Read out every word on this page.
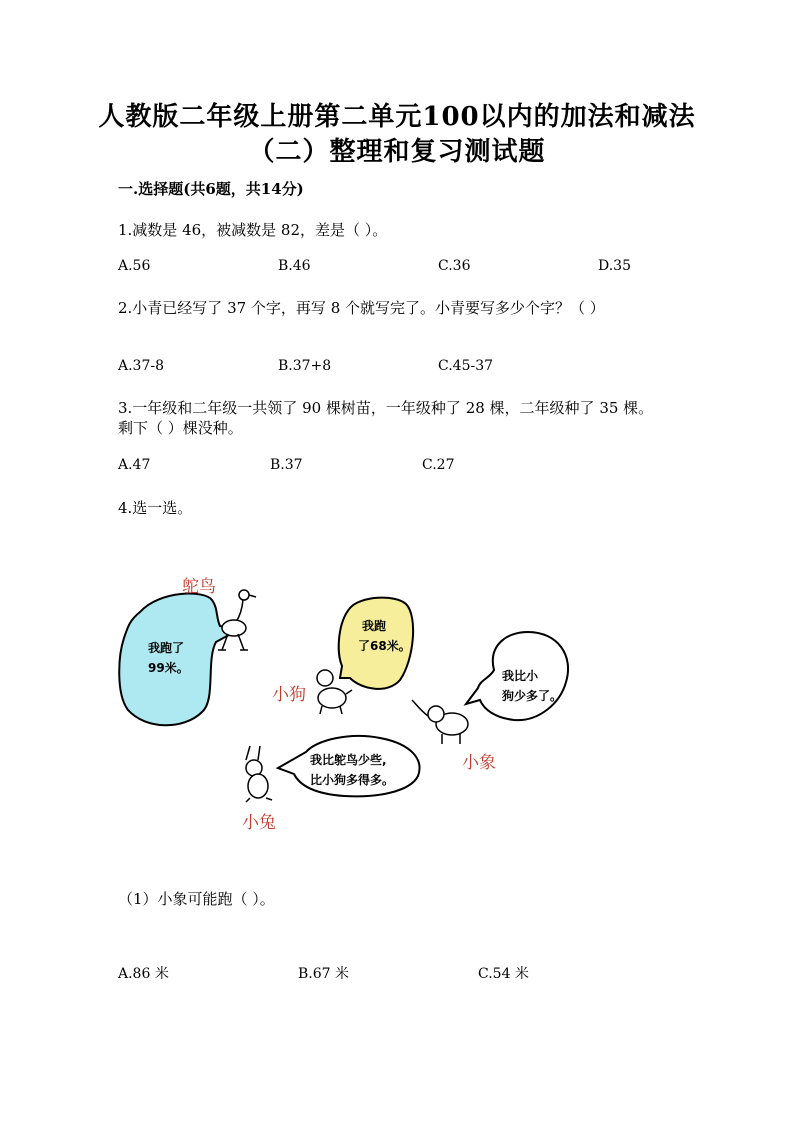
人教版二年级上册第二单元100以内的加法和减法
（二）整理和复习测试题
一.选择题(共6题，共14分)
1.减数是 46，被减数是 82，差是（ ）。
A.56	B.46	C.36	D.35
2.小青已经写了 37 个字，再写 8 个就写完了。小青要写多少个字？（ ）
A.37-8	B.37+8	C.45-37
3.一年级和二年级一共领了 90 棵树苗，一年级种了 28 棵，二年级种了 35 棵。
剩下（ ）棵没种。
A.47	B.37	C.27
4.选一选。
我跑了
99米。
鸵鸟
我跑
了68米。
小狗
我比小
狗少多了。
小象
我比鸵鸟少些,
比小狗多得多。
小兔
（1）小象可能跑（ ）。
A.86 米	B.67 米	C.54 米
